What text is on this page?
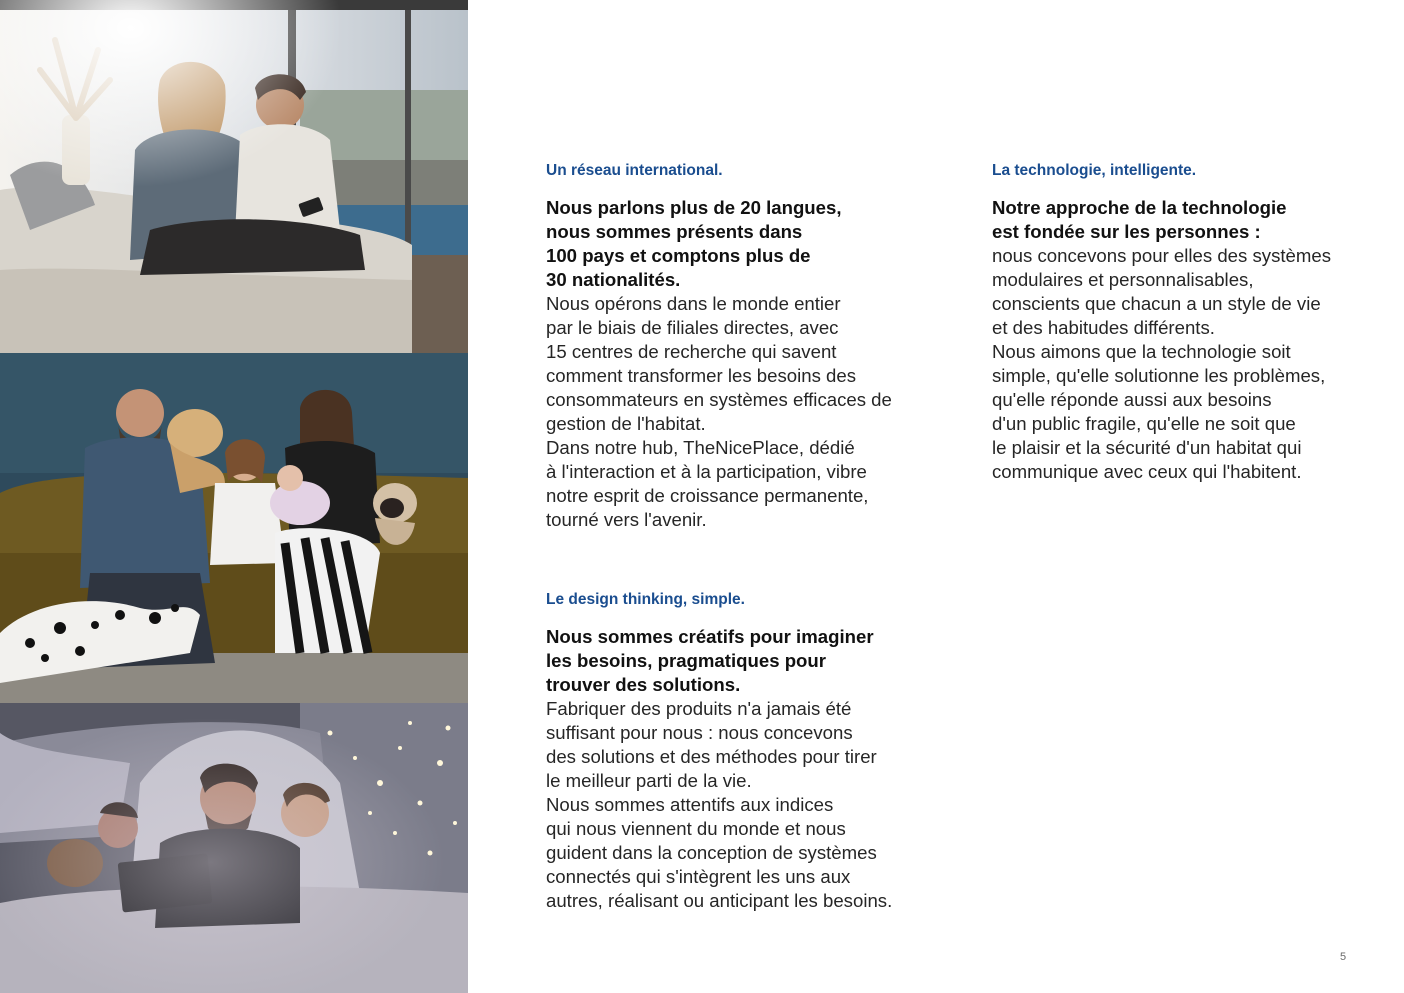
Un réseau international.

Nous parlons plus de 20 langues,
nous sommes présents dans
100 pays et comptons plus de
30 nationalités.

Nous opérons dans le monde entier
par le biais de filiales directes, avec
15 centres de recherche qui savent
comment transformer les besoins des
consommateurs en systèmes efficaces de
gestion de l'habitat.
Dans notre hub, TheNicePlace, dédié
à l'interaction et à la participation, vibre
notre esprit de croissance permanente,
tourné vers l'avenir.

La technologie, intelligente.

Notre approche de la technologie
est fondée sur les personnes :

nous concevons pour elles des systèmes
modulaires et personnalisables,
conscients que chacun a un style de vie
et des habitudes différents.
Nous aimons que la technologie soit
simple, qu'elle solutionne les problèmes,
qu'elle réponde aussi aux besoins
d'un public fragile, qu'elle ne soit que
le plaisir et la sécurité d'un habitat qui
communique avec ceux qui l'habitent.

Le design thinking, simple.

Nous sommes créatifs pour imaginer
les besoins, pragmatiques pour
trouver des solutions.

Fabriquer des produits n'a jamais été
suffisant pour nous : nous concevons
des solutions et des méthodes pour tirer
le meilleur parti de la vie.
Nous sommes attentifs aux indices
qui nous viennent du monde et nous
guident dans la conception de systèmes
connectés qui s'intègrent les uns aux
autres, réalisant ou anticipant les besoins.

5
